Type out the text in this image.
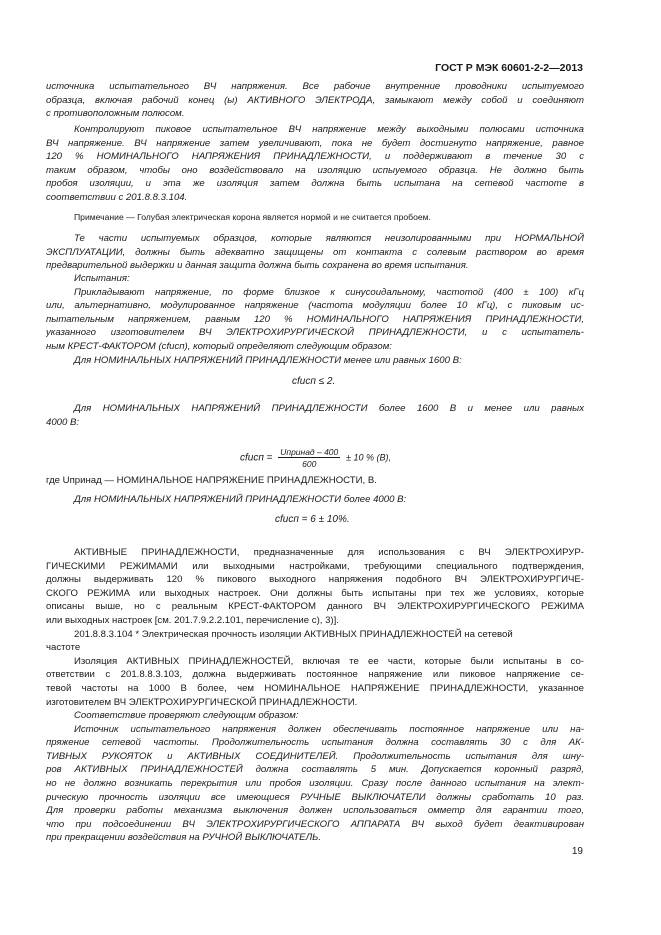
ГОСТ Р МЭК 60601-2-2—2013
источника испытательного ВЧ напряжения. Все рабочие внутренние проводники испытуемого
образца, включая рабочий конец (ы) АКТИВНОГО ЭЛЕКТРОДА, замыкают между собой и соединяют
с противоположным полюсом.
Контролируют пиковое испытательное ВЧ напряжение между выходными полюсами источника
ВЧ напряжение. ВЧ напряжение затем увеличивают, пока не будет достигнуто напряжение, равное
120 % НОМИНАЛЬНОГО НАПРЯЖЕНИЯ ПРИНАДЛЕЖНОСТИ, и поддерживают в течение 30 с
таким образом, чтобы оно воздействовало на изоляцию испыуемого образца. Не должно быть
пробоя изоляции, и эта же изоляция затем должна быть испытана на сетевой частоте в
соответствии с 201.8.8.3.104.
Примечание — Голубая электрическая корона является нормой и не считается пробоем.
Те части испытуемых образцов, которые являются неизолированными при НОРМАЛЬНОЙ
ЭКСПЛУАТАЦИИ, должны быть адекватно защищены от контакта с солевым раствором во время
предварительной выдержки и данная защита должна быть сохранена во время испытания.
Испытания:
Прикладывают напряжение, по форме близкое к синусоидальному, частотой (400 ± 100) кГц
или, альтернативно, модулированное напряжение (частота модуляции более 10 кГц), с пиковым ис-
пытательным напряжением, равным 120 % НОМИНАЛЬНОГО НАПРЯЖЕНИЯ ПРИНАДЛЕЖНОСТИ,
указанного изготовителем ВЧ ЭЛЕКТРОХИРУРГИЧЕСКОЙ ПРИНАДЛЕЖНОСТИ, и с испытатель-
ным КРЕСТ-ФАКТОРОМ (cfисп), который определяют следующим образом:
Для НОМИНАЛЬНЫХ НАПРЯЖЕНИЙ ПРИНАДЛЕЖНОСТИ менее или равных 1600 В:
cfисп ≤ 2.
Для НОМИНАЛЬНЫХ НАПРЯЖЕНИЙ ПРИНАДЛЕЖНОСТИ более 1600 В и менее или равных
4000 В:
cfисп =
Uпринад – 400
600
± 10 % (В),
где Uпринад — НОМИНАЛЬНОЕ НАПРЯЖЕНИЕ ПРИНАДЛЕЖНОСТИ, В.
Для НОМИНАЛЬНЫХ НАПРЯЖЕНИЙ ПРИНАДЛЕЖНОСТИ более 4000 В:
cfисп = 6 ± 10%.
АКТИВНЫЕ ПРИНАДЛЕЖНОСТИ, предназначенные для использования с ВЧ ЭЛЕКТРОХИРУР-
ГИЧЕСКИМИ РЕЖИМАМИ или выходными настройками, требующими специального подтверждения,
должны выдерживать 120 % пикового выходного напряжения подобного ВЧ ЭЛЕКТРОХИРУРГИЧЕ-
СКОГО РЕЖИМА или выходных настроек. Они должны быть испытаны при тех же условиях, которые
описаны выше, но с реальным КРЕСТ-ФАКТОРОМ данного ВЧ ЭЛЕКТРОХИРУРГИЧЕСКОГО РЕЖИМА
или выходных настроек [см. 201.7.9.2.2.101, перечисление с), 3)].
201.8.8.3.104 * Электрическая прочность изоляции АКТИВНЫХ ПРИНАДЛЕЖНОСТЕЙ на сетевой
частоте
Изоляция АКТИВНЫХ ПРИНАДЛЕЖНОСТЕЙ, включая те ее части, которые были испытаны в со-
ответствии с 201.8.8.3.103, должна выдерживать постоянное напряжение или пиковое напряжение се-
тевой частоты на 1000 В более, чем НОМИНАЛЬНОЕ НАПРЯЖЕНИЕ ПРИНАДЛЕЖНОСТИ, указанное
изготовителем ВЧ ЭЛЕКТРОХИРУРГИЧЕСКОЙ ПРИНАДЛЕЖНОСТИ.
Соответствие проверяют следующим образом:
Источник испытательного напряжения должен обеспечивать постоянное напряжение или на-
пряжение сетевой частоты. Продолжительность испытания должна составлять 30 с для АК-
ТИВНЫХ РУКОЯТОК и АКТИВНЫХ СОЕДИНИТЕЛЕЙ. Продолжительность испытания для шну-
ров АКТИВНЫХ ПРИНАДЛЕЖНОСТЕЙ должна составлять 5 мин. Допускается коронный разряд,
но не должно возникать перекрытия или пробоя изоляции. Сразу после данного испытания на элект-
рическую прочность изоляции все имеющиеся РУЧНЫЕ ВЫКЛЮЧАТЕЛИ должны сработать 10 раз.
Для проверки работы механизма выключения должен использоваться омметр для гарантии того,
что при подсоединении ВЧ ЭЛЕКТРОХИРУРГИЧЕСКОГО АППАРАТА ВЧ выход будет деактивирован
при прекращении воздействия на РУЧНОЙ ВЫКЛЮЧАТЕЛЬ.
19
